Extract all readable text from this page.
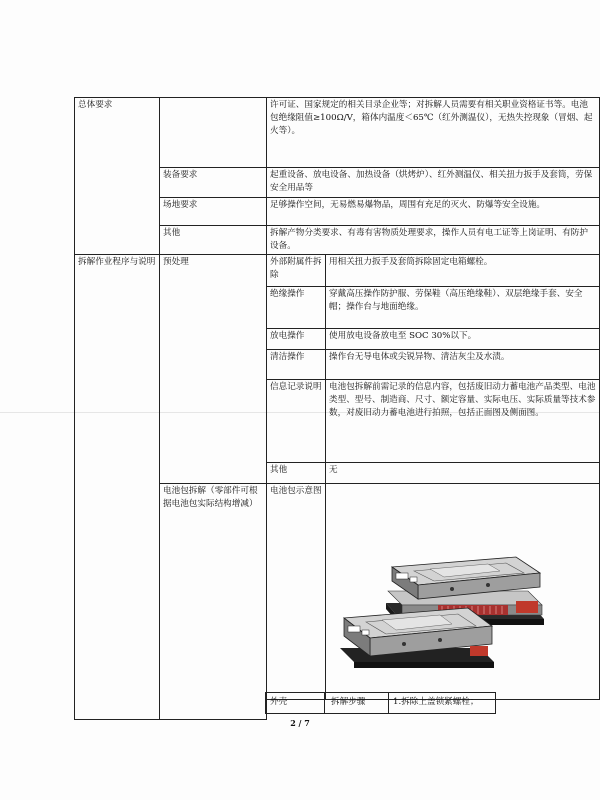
总体要求		许可证、国家规定的相关目录企业等；对拆解人员需要有相关职业资格证书等。电池包绝缘阻值≥100Ω/V，箱体内温度＜65℃（红外测温仪），无热失控现象（冒烟、起火等）。	
	装备要求	起重设备、放电设备、加热设备（烘烤炉）、红外测温仪、相关扭力扳手及套筒，劳保安全用品等	
	场地要求	足够操作空间，无易燃易爆物品，周围有充足的灭火、防爆等安全设施。	
	其他	拆解产物分类要求、有毒有害物质处理要求，操作人员有电工证等上岗证明、有防护设备。	
拆解作业程序与说明	预处理	外部附属件拆除	用相关扭力扳手及套筒拆除固定电箱螺栓。
		绝缘操作	穿戴高压操作防护服、劳保鞋（高压绝缘鞋）、双层绝缘手套、安全帽；操作台与地面绝缘。
		放电操作	使用放电设备放电至 SOC 30%以下。
		清洁操作	操作台无导电体或尖锐异物、清洁灰尘及水渍。
		信息记录说明	电池包拆解前需记录的信息内容，包括废旧动力蓄电池产品类型、电池类型、型号、制造商、尺寸、额定容量、实际电压、实际质量等技术参数，对废旧动力蓄电池进行拍照，包括正面图及侧面图。
		其他	无
	电池包拆解（零部件可根据电池包实际结构增减）	电池包示意图	

外壳	拆解步骤	1.拆除上盖锁紧螺栓；
2 / 7
